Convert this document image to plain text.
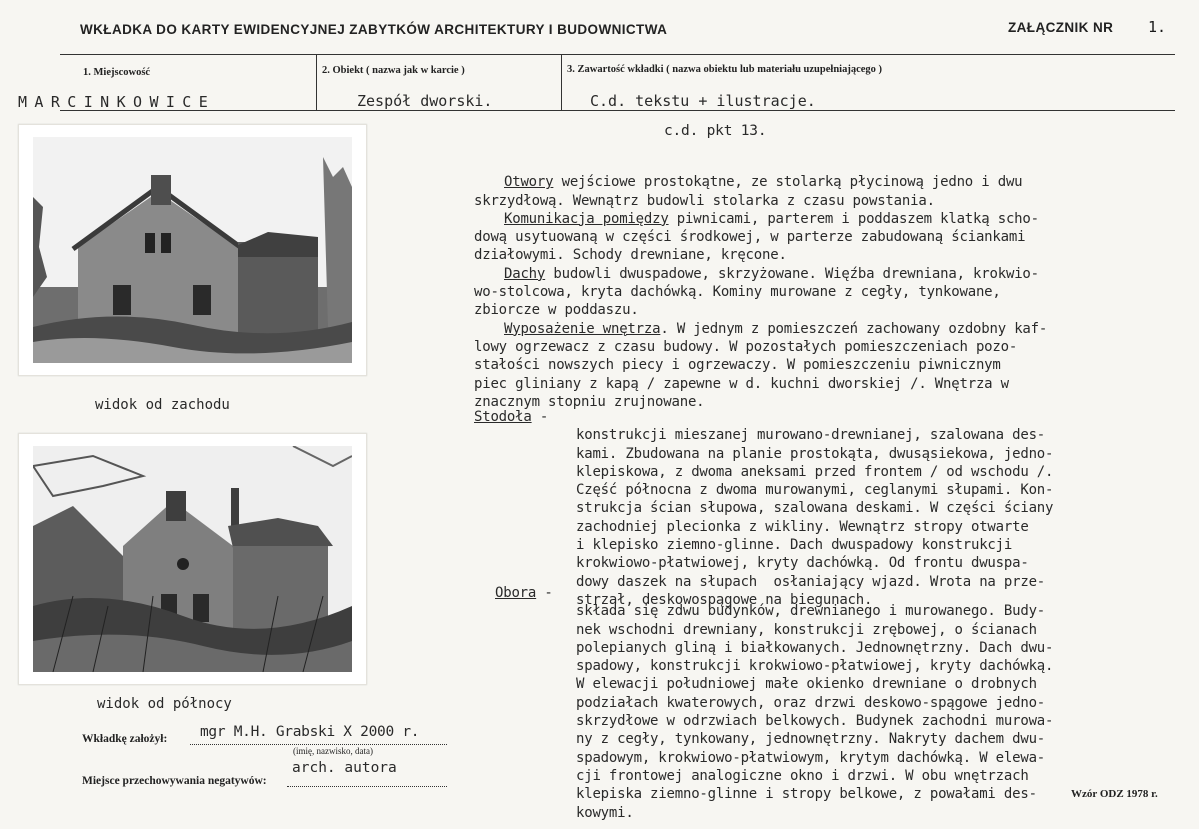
WKŁADKA DO KARTY EWIDENCYJNEJ ZABYTKÓW ARCHITEKTURY I BUDOWNICTWA	ZAŁĄCZNIK NR 1.
1. Miejscowość	2. Obiekt ( nazwa jak w karcie )	3. Zawartość wkładki ( nazwa obiektu lub materiału uzupełniającego )
MARCINKOWICE	Zespół dworski.	C.d. tekstu + ilustracje.
widok od zachodu
widok od północy
c.d. pkt 13.

Otwory wejściowe prostokątne, ze stolarką płycinową jedno i dwu
skrzydłową. Wewnątrz budowli stolarka z czasu powstania.
Komunikacja pomiędzy piwnicami, parterem i poddaszem klatką scho-
dową usytuowaną w części środkowej, w parterze zabudowaną ściankami
działowymi. Schody drewniane, kręcone.
Dachy budowli dwuspadowe, skrzyżowane. Więźba drewniana, krokwio-
wo-stolcowa, kryta dachówką. Kominy murowane z cegły, tynkowane,
zbiorcze w poddaszu.
Wyposażenie wnętrza. W jednym z pomieszczeń zachowany ozdobny kaf-
lowy ogrzewacz z czasu budowy. W pozostałych pomieszczeniach pozo-
stałości nowszych piecy i ogrzewaczy. W pomieszczeniu piwnicznym
piec gliniany z kapą / zapewne w d. kuchni dworskiej /. Wnętrza w
znacznym stopniu zrujnowane.
Stodoła -

konstrukcji mieszanej murowano-drewnianej, szalowana des-
kami. Zbudowana na planie prostokąta, dwusąsiekowa, jedno-
klepiskowa, z dwoma aneksami przed frontem / od wschodu /.
Część północna z dwoma murowanymi, ceglanymi słupami. Kon-
strukcja ścian słupowa, szalowana deskami. W części ściany
zachodniej plecionka z wikliny. Wewnątrz stropy otwarte
i klepisko ziemno-glinne. Dach dwuspadowy konstrukcji
krokwiowo-płatwiowej, kryty dachówką. Od frontu dwuspa-
dowy daszek na słupach  osłaniający wjazd. Wrota na prze-
strzał, deskowospągowe na biegunach.
Obora -

składa się zdwu budynków, drewnianego i murowanego. Budy-
nek wschodni drewniany, konstrukcji zrębowej, o ścianach
polepianych gliną i białkowanych. Jednownętrzny. Dach dwu-
spadowy, konstrukcji krokwiowo-płatwiowej, kryty dachówką.
W elewacji południowej małe okienko drewniane o drobnych
podziałach kwaterowych, oraz drzwi deskowo-spągowe jedno-
skrzydłowe w odrzwiach belkowych. Budynek zachodni murowa-
ny z cegły, tynkowany, jednownętrzny. Nakryty dachem dwu-
spadowym, krokwiowo-płatwiowym, krytym dachówką. W elewa-
cji frontowej analogiczne okno i drzwi. W obu wnętrzach
klepiska ziemno-glinne i stropy belkowe, z powałami des-
kowymi.
Wkładkę założył: mgr M.H. Grabski X 2000 r.
(imię, nazwisko, data)
Miejsce przechowywania negatywów:
arch. autora
Wzór ODZ 1978 r.
